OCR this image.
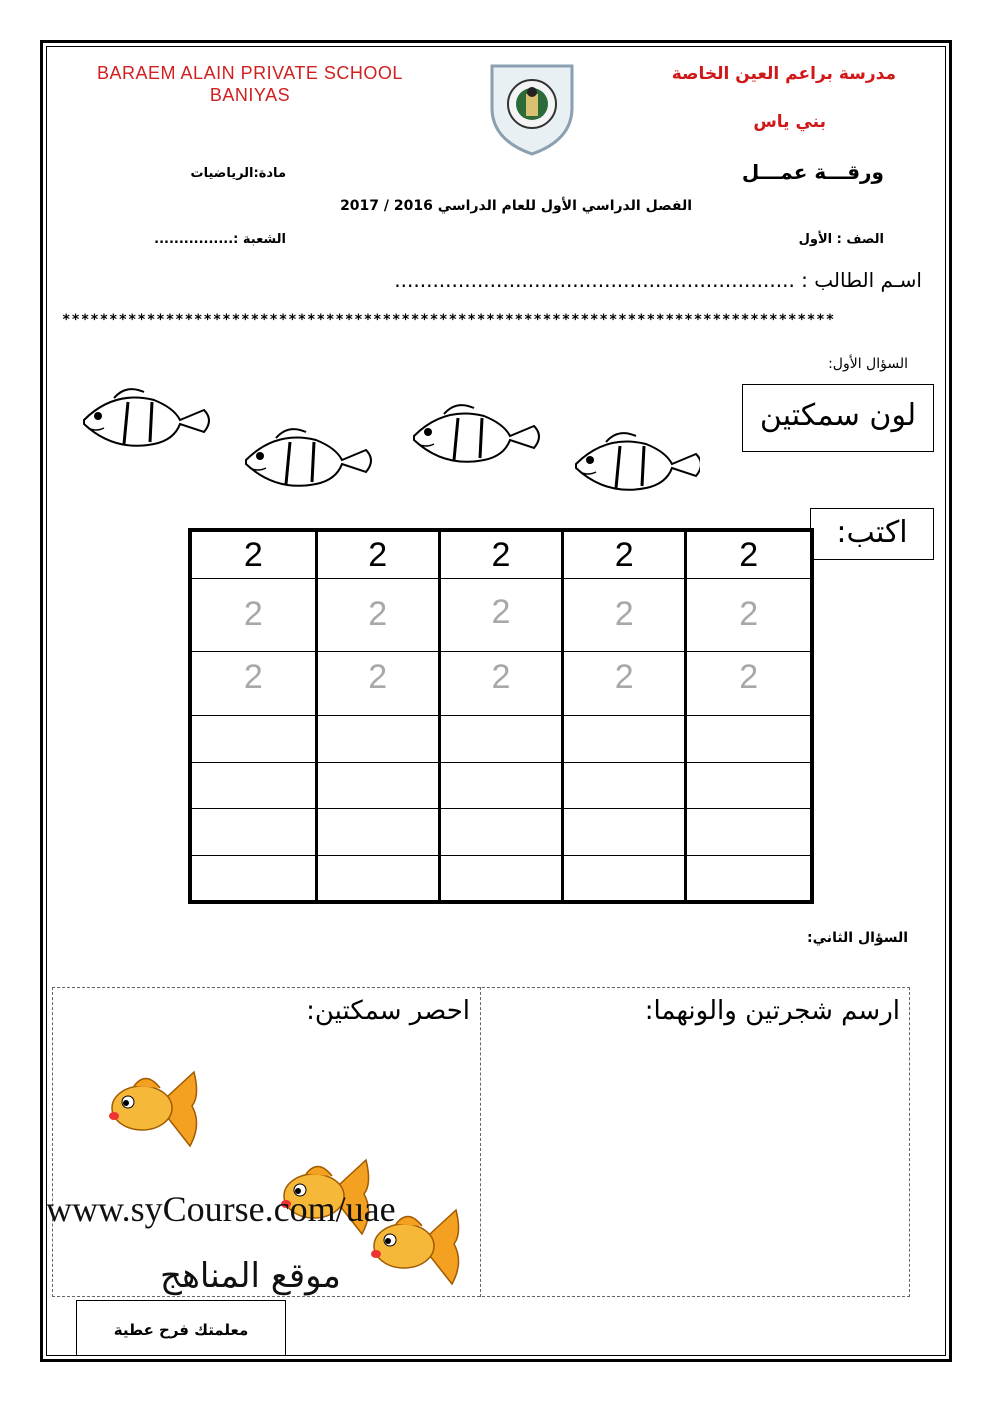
BARAEM ALAIN PRIVATE SCHOOL
BANIYAS
مدرسة براعم العين الخاصة
بني ياس
ورقـــة عمـــل
مادة:الرياضيات
الفصل الدراسي الأول للعام الدراسي 2016 / 2017
الصف : الأول
الشعبة :................
اسـم الطالب : ...............................................................
**********************************************************************************
السؤال الأول:
لون سمكتين
اكتب:
2	2	2	2	2
2	2	2	2	2
2	2	2	2	2

السؤال الثاني:
ارسم شجرتين والونهما:
احصر سمكتين:
www.syCourse.com/uae
موقع المناهج
معلمتك فرح عطية
